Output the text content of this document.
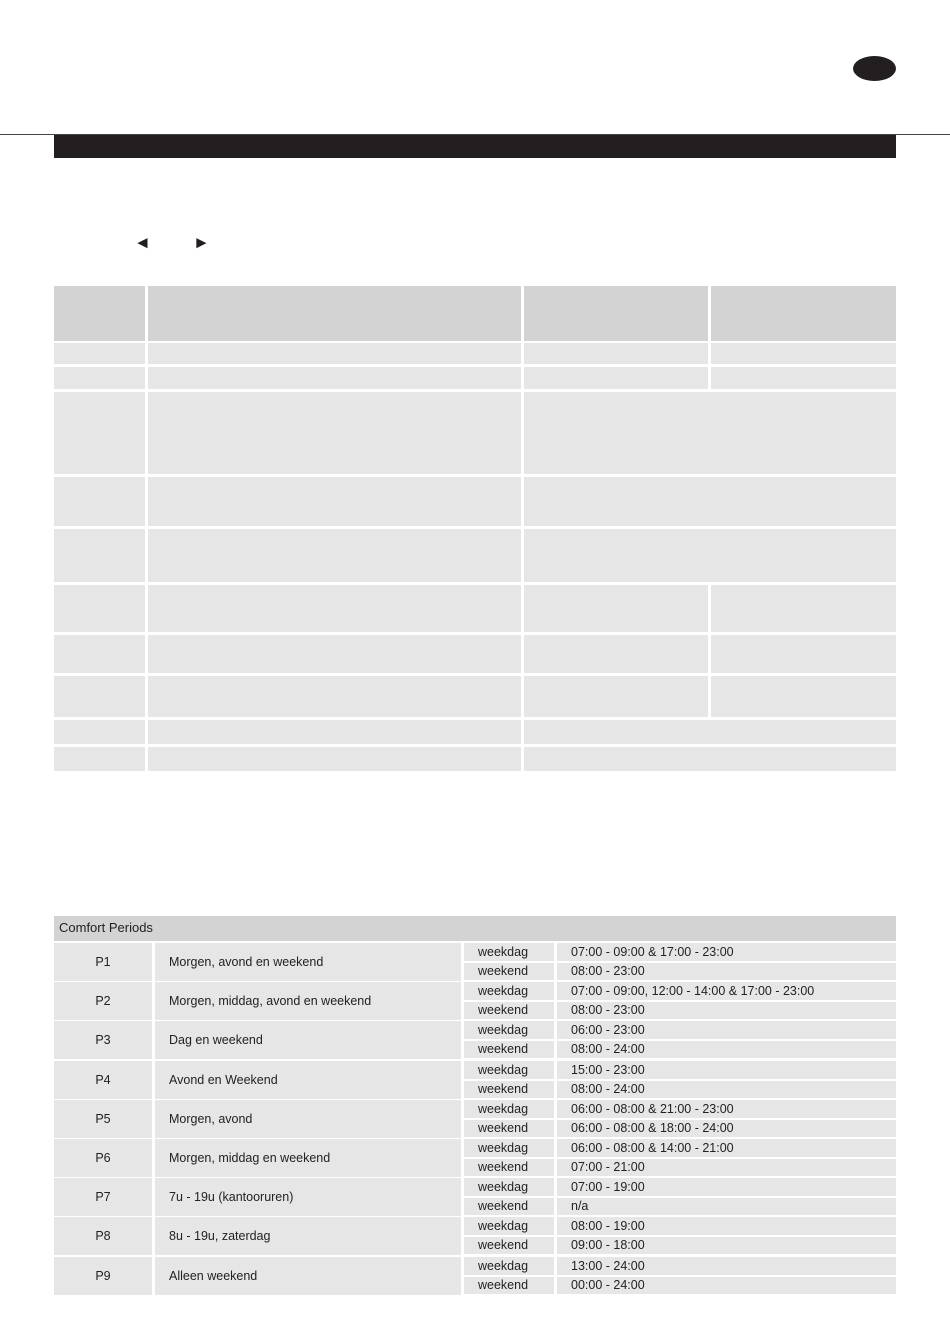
◄ ►
Comfort Periods
P1	Morgen, avond en weekend
weekdag	07:00 - 09:00 & 17:00 - 23:00
weekend	08:00 - 23:00
P2	Morgen, middag, avond en weekend
weekdag	07:00 - 09:00, 12:00 - 14:00 & 17:00 - 23:00
weekend	08:00 - 23:00
P3	Dag en weekend
weekdag	06:00 - 23:00
weekend	08:00 - 24:00
P4	Avond en Weekend
weekdag	15:00 - 23:00
weekend	08:00 - 24:00
P5	Morgen, avond
weekdag	06:00 - 08:00 & 21:00 - 23:00
weekend	06:00 - 08:00 & 18:00 - 24:00
P6	Morgen, middag en weekend
weekdag	06:00 - 08:00 & 14:00 - 21:00
weekend	07:00 - 21:00
P7	7u - 19u (kantooruren)
weekdag	07:00 - 19:00
weekend	n/a
P8	8u - 19u, zaterdag
weekdag	08:00 - 19:00
weekend	09:00 - 18:00
P9	Alleen weekend
weekdag	13:00 - 24:00
weekend	00:00 - 24:00
